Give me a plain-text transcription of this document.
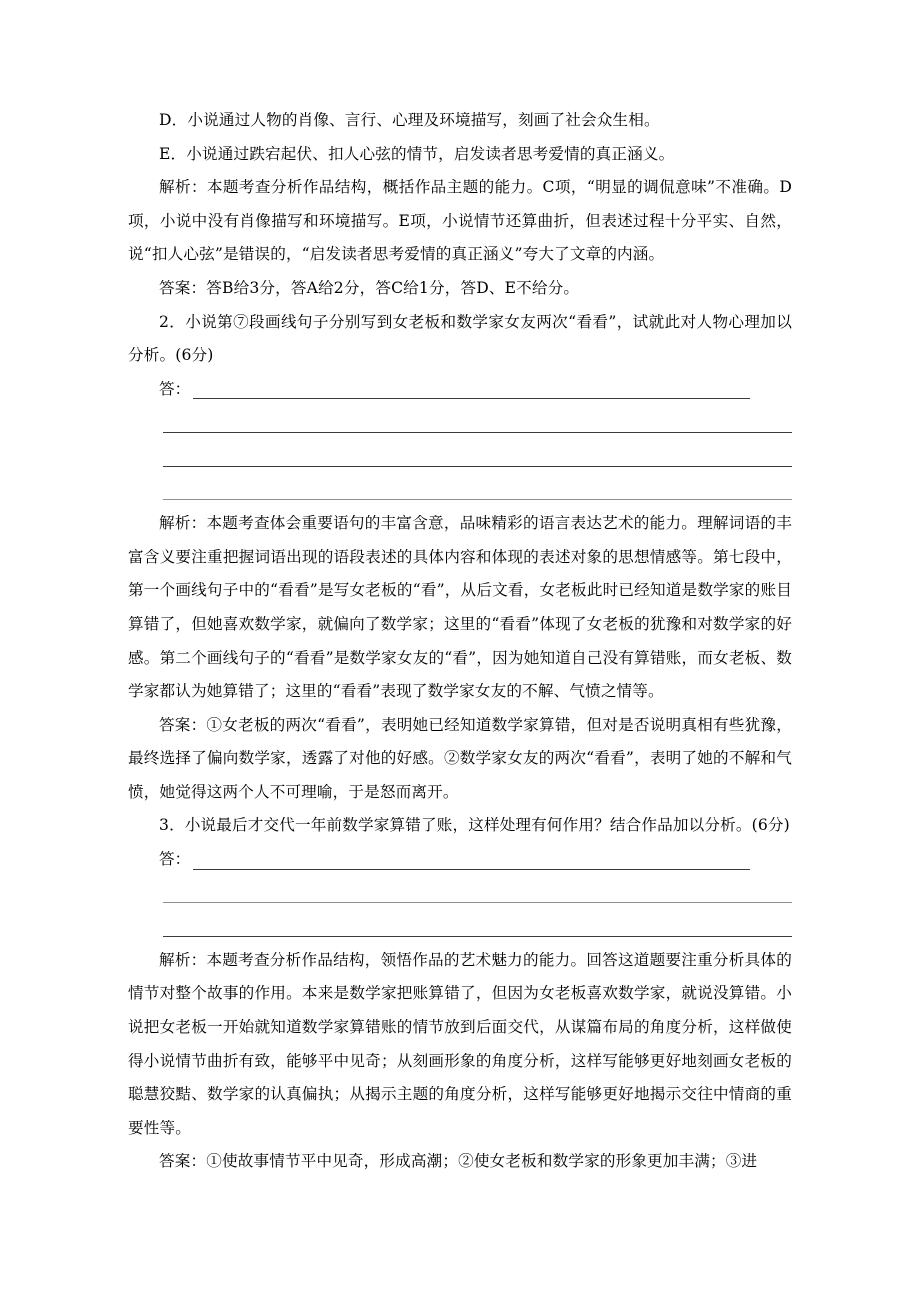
D．小说通过人物的肖像、言行、心理及环境描写，刻画了社会众生相。

E．小说通过跌宕起伏、扣人心弦的情节，启发读者思考爱情的真正涵义。

解析：本题考查分析作品结构，概括作品主题的能力。C项，“明显的调侃意味”不准确。D项，小说中没有肖像描写和环境描写。E项，小说情节还算曲折，但表述过程十分平实、自然，说“扣人心弦”是错误的，“启发读者思考爱情的真正涵义”夸大了文章的内涵。

答案：答B给3分，答A给2分，答C给1分，答D、E不给分。

2．小说第⑦段画线句子分别写到女老板和数学家女友两次“看看”，试就此对人物心理加以分析。(6分)

答：

解析：本题考查体会重要语句的丰富含意，品味精彩的语言表达艺术的能力。理解词语的丰富含义要注重把握词语出现的语段表述的具体内容和体现的表述对象的思想情感等。第七段中，第一个画线句子中的“看看”是写女老板的“看”，从后文看，女老板此时已经知道是数学家的账目算错了，但她喜欢数学家，就偏向了数学家；这里的“看看”体现了女老板的犹豫和对数学家的好感。第二个画线句子的“看看”是数学家女友的“看”，因为她知道自己没有算错账，而女老板、数学家都认为她算错了；这里的“看看”表现了数学家女友的不解、气愤之情等。

答案：①女老板的两次“看看”，表明她已经知道数学家算错，但对是否说明真相有些犹豫，最终选择了偏向数学家，透露了对他的好感。②数学家女友的两次“看看”，表明了她的不解和气愤，她觉得这两个人不可理喻，于是怒而离开。

3．小说最后才交代一年前数学家算错了账，这样处理有何作用？结合作品加以分析。(6分)

答：

解析：本题考查分析作品结构，领悟作品的艺术魅力的能力。回答这道题要注重分析具体的情节对整个故事的作用。本来是数学家把账算错了，但因为女老板喜欢数学家，就说没算错。小说把女老板一开始就知道数学家算错账的情节放到后面交代，从谋篇布局的角度分析，这样做使得小说情节曲折有致，能够平中见奇；从刻画形象的角度分析，这样写能够更好地刻画女老板的聪慧狡黠、数学家的认真偏执；从揭示主题的角度分析，这样写能够更好地揭示交往中情商的重要性等。

答案：①使故事情节平中见奇，形成高潮；②使女老板和数学家的形象更加丰满；③进
